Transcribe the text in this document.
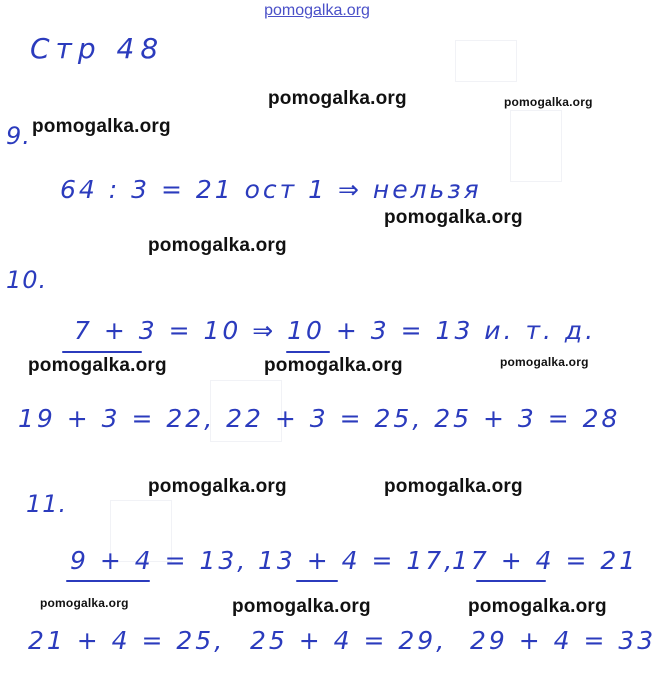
pomogalka.org
Стр 48
pomogalka.org	pomogalka.org
pomogalka.org
9.
64 : 3 = 21 ост 1 ⇒ нельзя
pomogalka.org
pomogalka.org
10.
7 + 3 = 10 ⇒ 10 + 3 = 13 и. т. д.
pomogalka.org	pomogalka.org	pomogalka.org
19 + 3 = 22, 22 + 3 = 25, 25 + 3 = 28
pomogalka.org	pomogalka.org
11.
9 + 4 = 13, 13 + 4 = 17,
17 + 4 = 21
pomogalka.org	pomogalka.org	pomogalka.org
21 + 4 = 25, 25 + 4 = 29, 29 + 4 = 33
